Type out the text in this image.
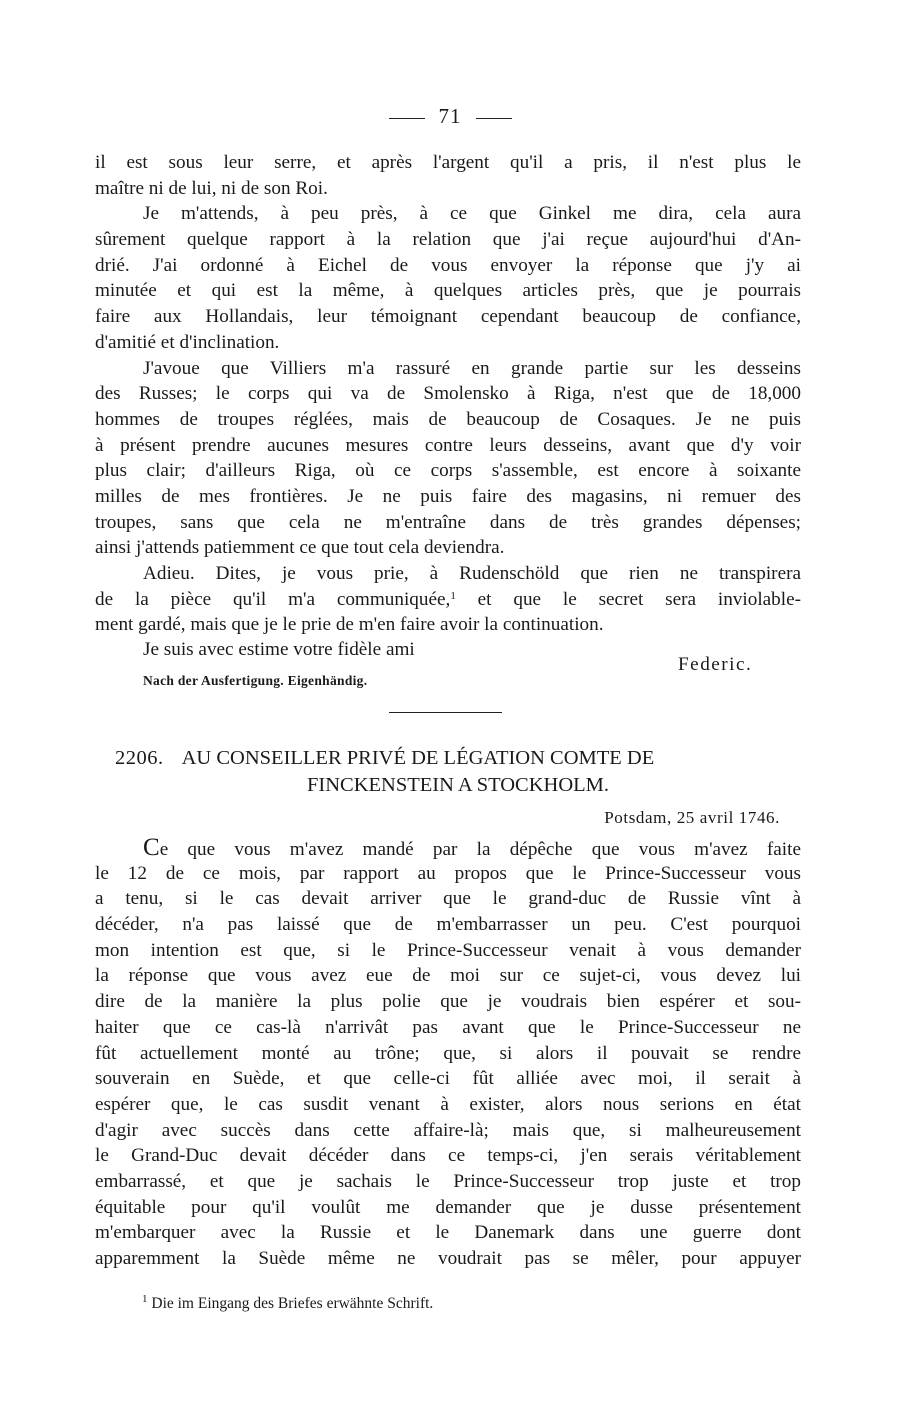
71
il est sous leur serre, et après l'argent qu'il a pris, il n'est plus le
maître ni de lui, ni de son Roi.
Je m'attends, à peu près, à ce que Ginkel me dira, cela aura
sûrement quelque rapport à la relation que j'ai reçue aujourd'hui d'An-
drié. J'ai ordonné à Eichel de vous envoyer la réponse que j'y ai
minutée et qui est la même, à quelques articles près, que je pourrais
faire aux Hollandais, leur témoignant cependant beaucoup de confiance,
d'amitié et d'inclination.
J'avoue que Villiers m'a rassuré en grande partie sur les desseins
des Russes; le corps qui va de Smolensko à Riga, n'est que de 18,000
hommes de troupes réglées, mais de beaucoup de Cosaques. Je ne puis
à présent prendre aucunes mesures contre leurs desseins, avant que d'y voir
plus clair; d'ailleurs Riga, où ce corps s'assemble, est encore à soixante
milles de mes frontières. Je ne puis faire des magasins, ni remuer des
troupes, sans que cela ne m'entraîne dans de très grandes dépenses;
ainsi j'attends patiemment ce que tout cela deviendra.
Adieu. Dites, je vous prie, à Rudenschöld que rien ne transpirera
de la pièce qu'il m'a communiquée,$^1$ et que le secret sera inviolable-
ment gardé, mais que je le prie de m'en faire avoir la continuation.
Je suis avec estime votre fidèle ami
Federic.
Nach der Ausfertigung. Eigenhändig.
2206. AU CONSEILLER PRIVÉ DE LÉGATION COMTE DE
FINCKENSTEIN A STOCKHOLM.
Potsdam, 25 avril 1746.
Ce que vous m'avez mandé par la dépêche que vous m'avez faite
le 12 de ce mois, par rapport au propos que le Prince-Successeur vous
a tenu, si le cas devait arriver que le grand-duc de Russie vînt à
décéder, n'a pas laissé que de m'embarrasser un peu. C'est pourquoi
mon intention est que, si le Prince-Successeur venait à vous demander
la réponse que vous avez eue de moi sur ce sujet-ci, vous devez lui
dire de la manière la plus polie que je voudrais bien espérer et sou-
haiter que ce cas-là n'arrivât pas avant que le Prince-Successeur ne
fût actuellement monté au trône; que, si alors il pouvait se rendre
souverain en Suède, et que celle-ci fût alliée avec moi, il serait à
espérer que, le cas susdit venant à exister, alors nous serions en état
d'agir avec succès dans cette affaire-là; mais que, si malheureusement
le Grand-Duc devait décéder dans ce temps-ci, j'en serais véritablement
embarrassé, et que je sachais le Prince-Successeur trop juste et trop
équitable pour qu'il voulût me demander que je dusse présentement
m'embarquer avec la Russie et le Danemark dans une guerre dont
apparemment la Suède même ne voudrait pas se mêler, pour appuyer
$^1$ Die im Eingang des Briefes erwähnte Schrift.
